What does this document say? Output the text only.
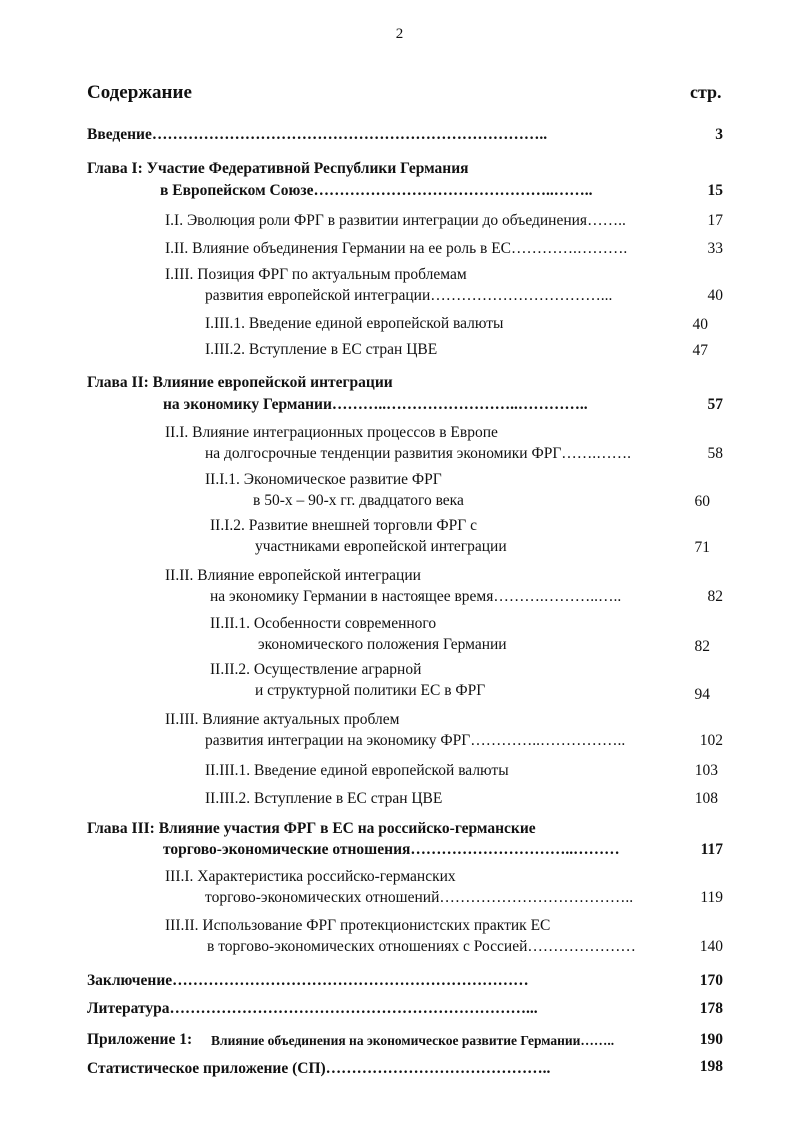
2
Содержание	стр.
Введение…………………………………………………………………..	3
Глава I: Участие Федеративной Республики Германия
в Европейском Союзе………………………………………..……..	15
I.I. Эволюция роли ФРГ в развитии интеграции до объединения……..	17
I.II. Влияние объединения Германии на ее роль в ЕС………….……….	33
I.III. Позиция ФРГ по актуальным проблемам
развития европейской интеграции……………………………...	40
I.III.1. Введение единой европейской валюты	40
I.III.2. Вступление в ЕС стран ЦВЕ	47
Глава II: Влияние европейской интеграции
на экономику Германии………..……………………..…………..	57
II.I. Влияние интеграционных процессов в Европе
на долгосрочные тенденции развития экономики ФРГ…….…….	58
II.I.1. Экономическое развитие ФРГ
в 50-х – 90-х гг. двадцатого века	60
II.I.2. Развитие внешней торговли ФРГ с
участниками европейской интеграции	71
II.II. Влияние европейской интеграции
на экономику Германии в настоящее время……….………..…..	82
II.II.1. Особенности современного
экономического положения Германии	82
II.II.2. Осуществление аграрной
и структурной политики ЕС в ФРГ	94
II.III. Влияние актуальных проблем
развития интеграции на экономику ФРГ…………..……………..	102
II.III.1. Введение единой европейской валюты	103
II.III.2. Вступление в ЕС стран ЦВЕ	108
Глава III: Влияние участия ФРГ в ЕС на российско-германские
торгово-экономические отношения…………………………..………	117
III.I. Характеристика российско-германских
торгово-экономических отношений………………………………..	119
III.II. Использование ФРГ протекционистских практик ЕС
в торгово-экономических отношениях с Россией…………………	140
Заключение……………………………………………………………	170
Литература……………………………………………………………...	178
Приложение 1: Влияние объединения на экономическое развитие Германии……..	190
Статистическое приложение (СП)……………………………………..	198
